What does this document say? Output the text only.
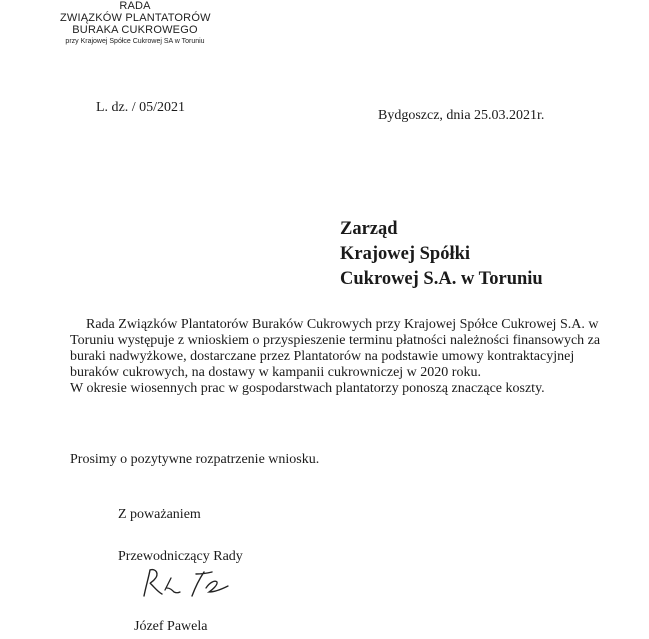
RADA
ZWIĄZKÓW PLANTATORÓW
BURAKA CUKROWEGO
przy Krajowej Spółce Cukrowej SA w Toruniu
L. dz. / 05/2021
Bydgoszcz, dnia 25.03.2021r.
Zarząd
Krajowej Spółki
Cukrowej S.A. w Toruniu

Rada Związków Plantatorów Buraków Cukrowych przy Krajowej Spółce Cukrowej S.A. w Toruniu występuje z wnioskiem o przyspieszenie terminu płatności należności finansowych za buraki nadwyżkowe, dostarczane przez Plantatorów na podstawie umowy kontraktacyjnej buraków cukrowych, na dostawy w kampanii cukrowniczej w 2020 roku.

W okresie wiosennych prac w gospodarstwach plantatorzy ponoszą znaczące koszty.

Prosimy o pozytywne rozpatrzenie wniosku.
Z poważaniem
Przewodniczący Rady
Józef Pawela
